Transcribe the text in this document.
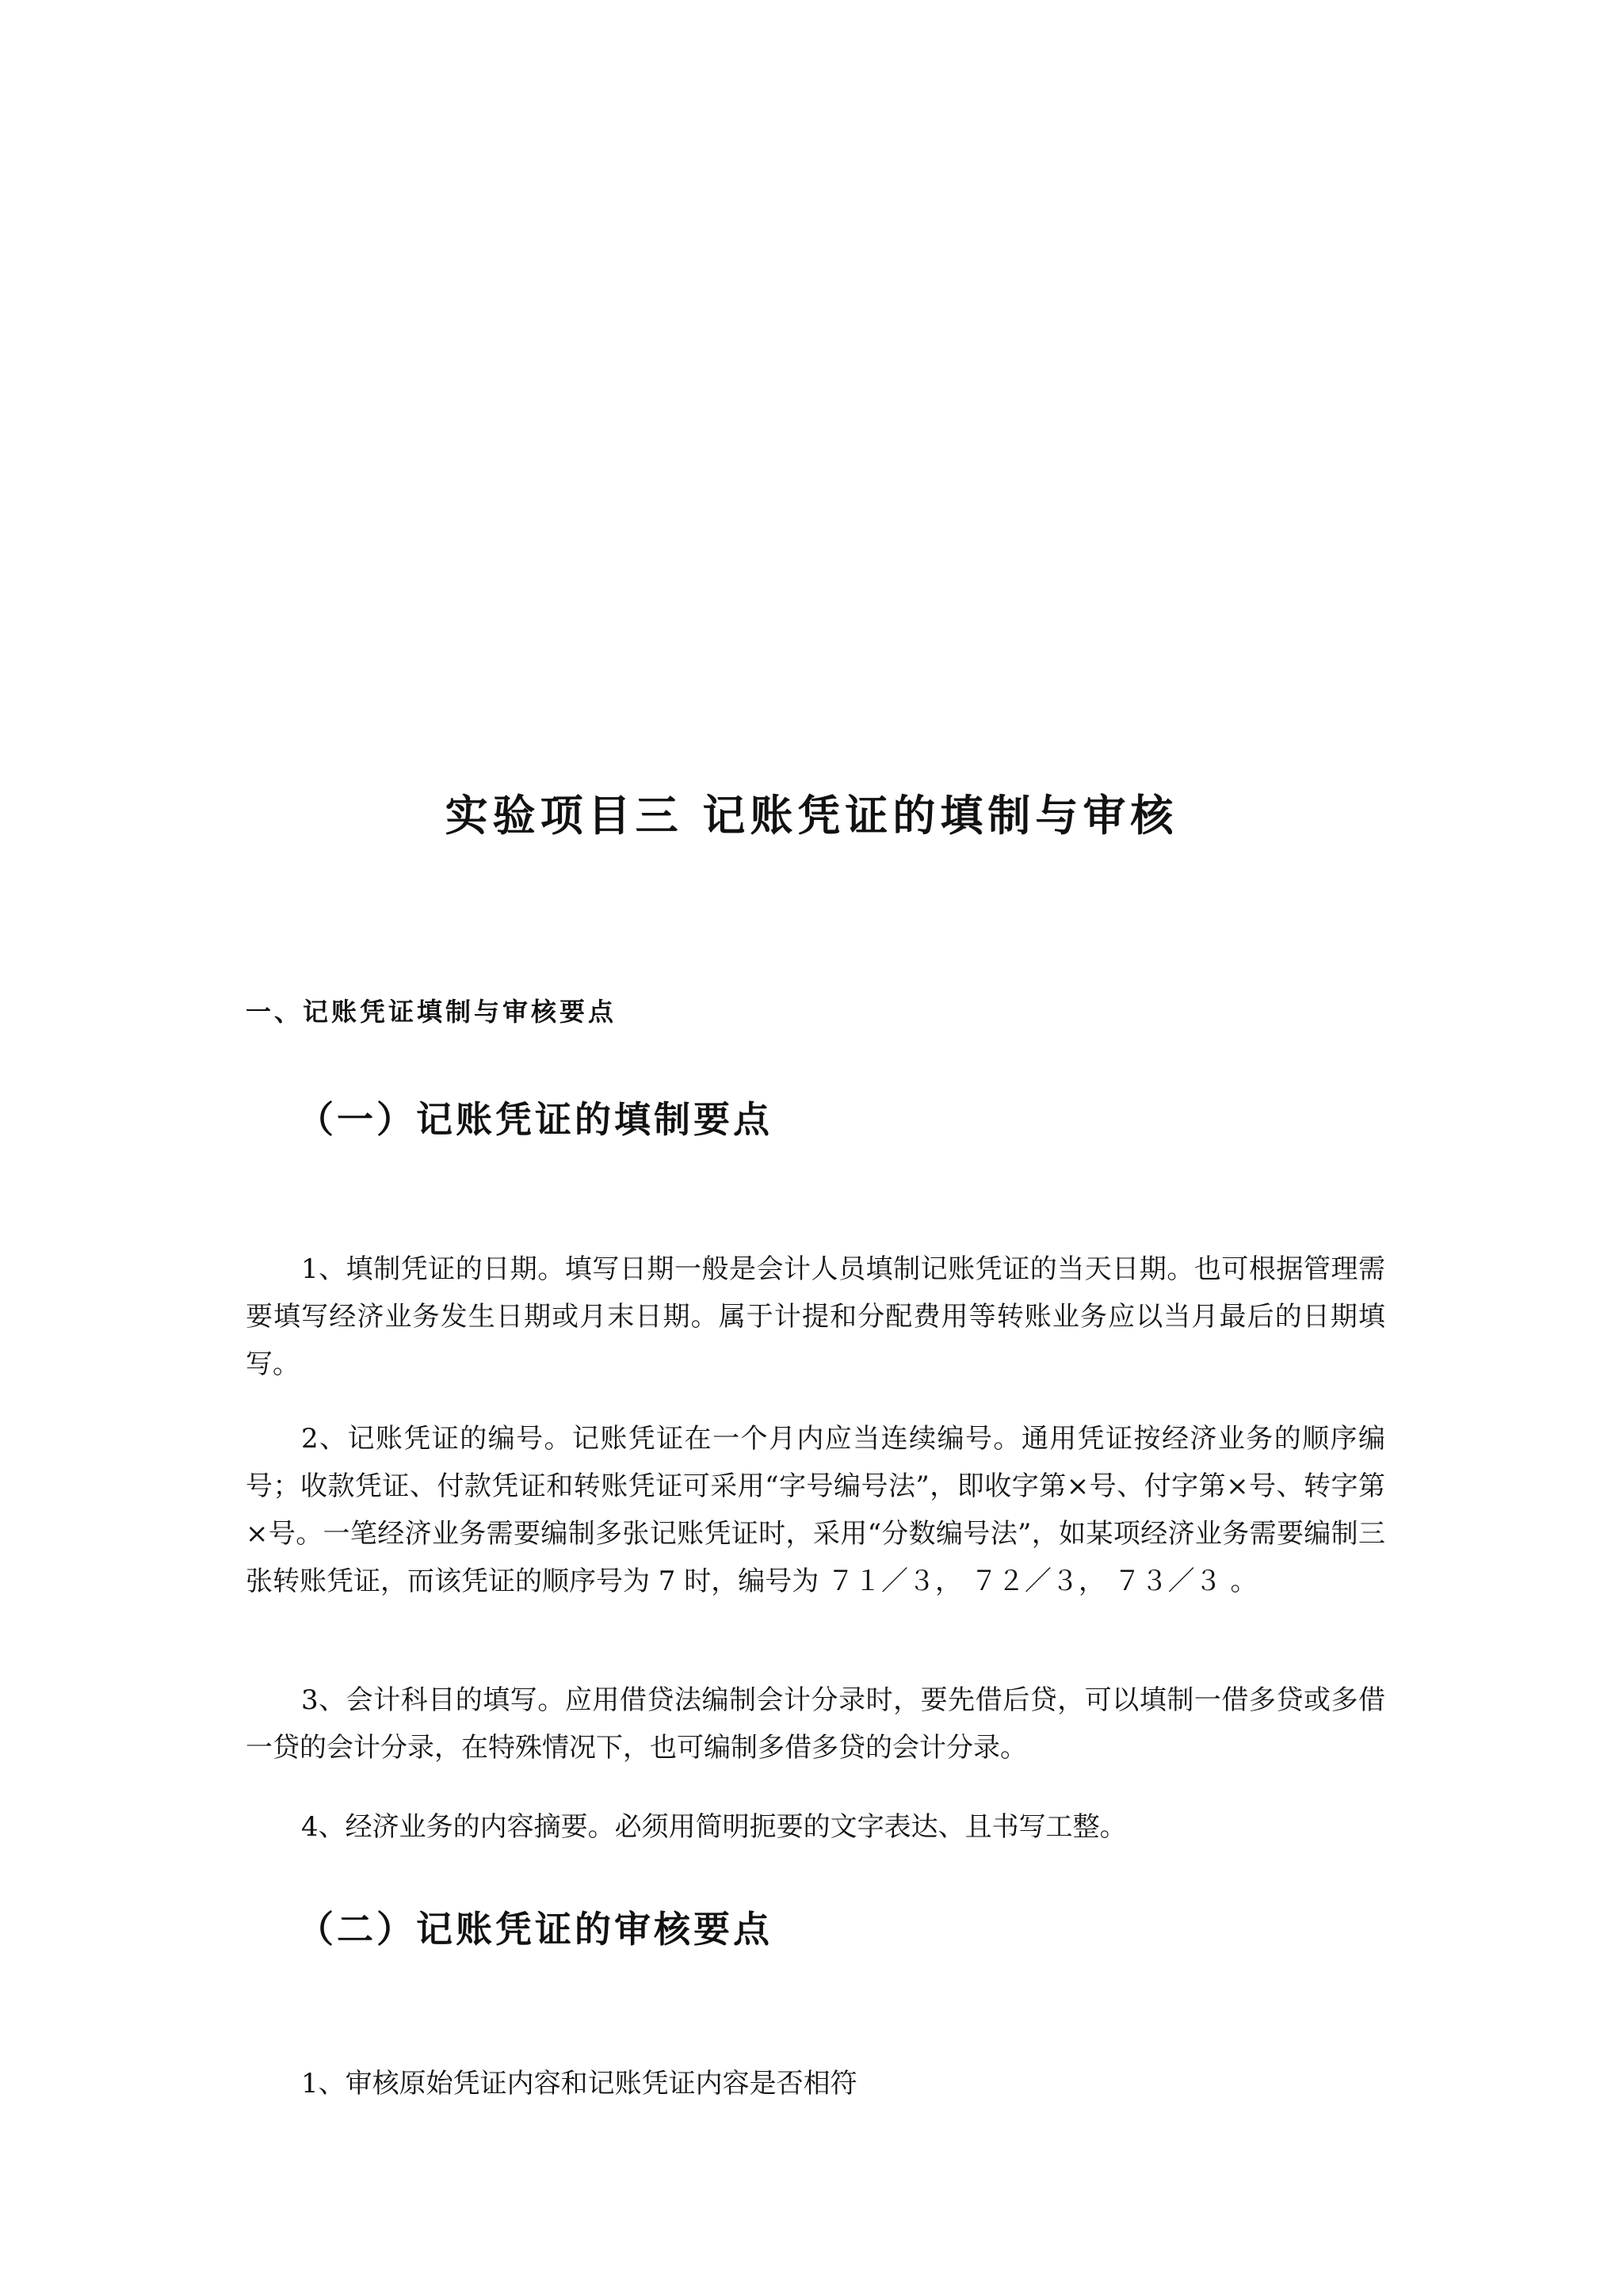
实验项目三 记账凭证的填制与审核
一、记账凭证填制与审核要点
（一）记账凭证的填制要点

1、填制凭证的日期。填写日期一般是会计人员填制记账凭证的当天日期。也可根据管理需要填写经济业务发生日期或月末日期。属于计提和分配费用等转账业务应以当月最后的日期填写。

2、记账凭证的编号。记账凭证在一个月内应当连续编号。通用凭证按经济业务的顺序编号；收款凭证、付款凭证和转账凭证可采用“字号编号法”，即收字第×号、付字第×号、转字第×号。一笔经济业务需要编制多张记账凭证时，采用“分数编号法”，如某项经济业务需要编制三张转账凭证，而该凭证的顺序号为 7 时，编号为 ７１／３， ７２／３， ７３／３ 。

3、会计科目的填写。应用借贷法编制会计分录时，要先借后贷，可以填制一借多贷或多借一贷的会计分录，在特殊情况下，也可编制多借多贷的会计分录。

4、经济业务的内容摘要。必须用简明扼要的文字表达、且书写工整。

（二）记账凭证的审核要点

1、审核原始凭证内容和记账凭证内容是否相符
